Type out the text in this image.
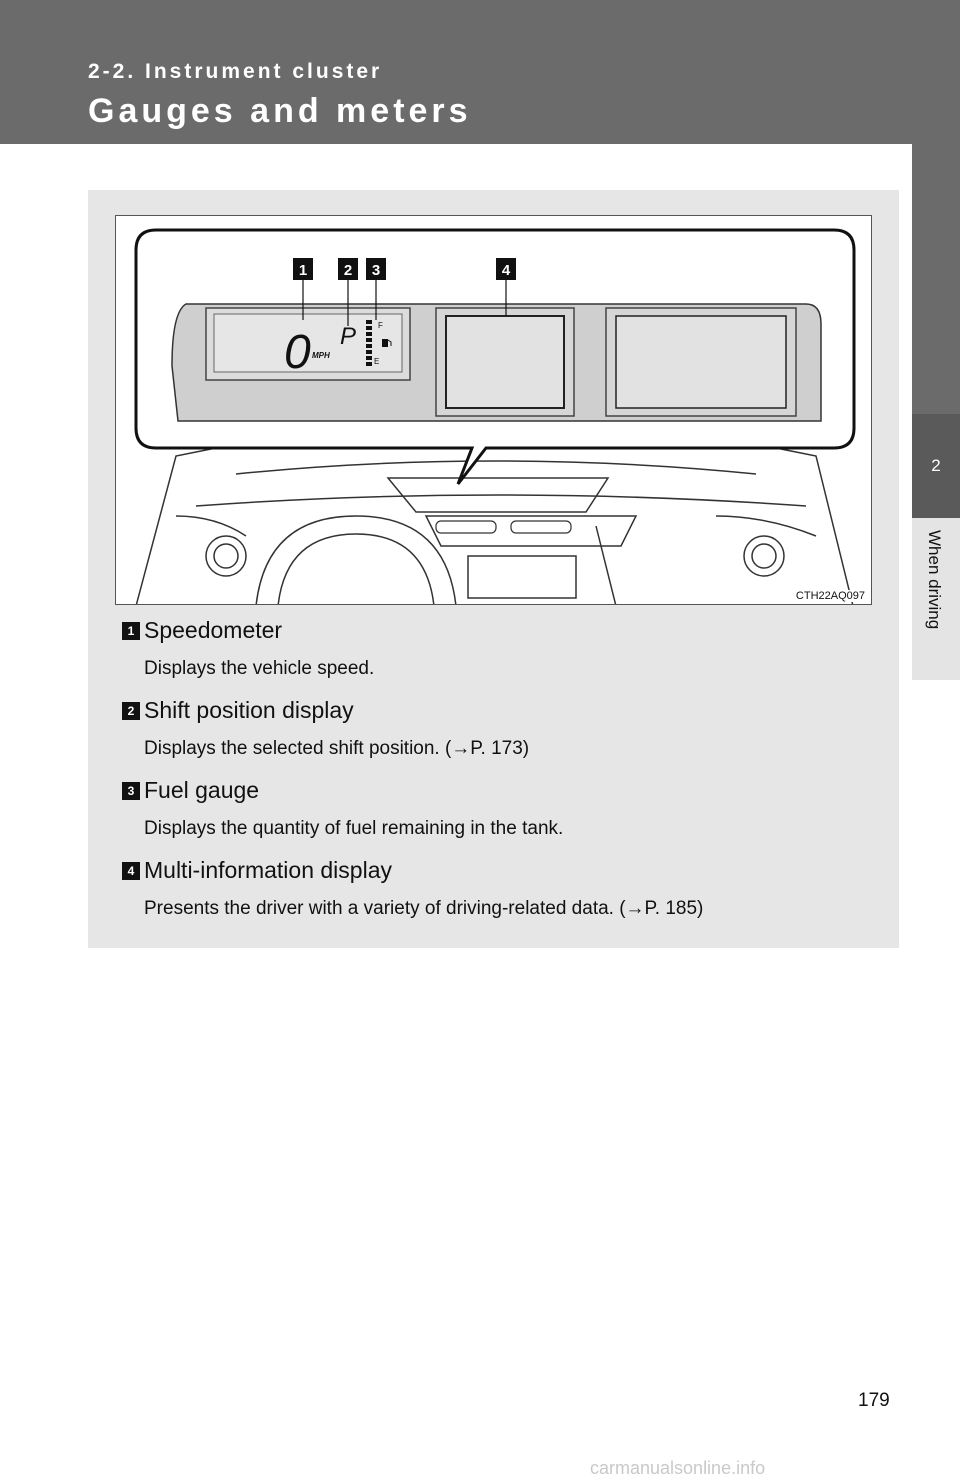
2-2. Instrument cluster
Gauges and meters
2
When driving
0 MPH
P	F
E
1 2 3	4
CTH22AQ097
1 Speedometer
Displays the vehicle speed.
2 Shift position display
Displays the selected shift position. (→P. 173)
3 Fuel gauge
Displays the quantity of fuel remaining in the tank.
4 Multi-information display
Presents the driver with a variety of driving-related data. (→P. 185)
179
carmanualsonline.info
